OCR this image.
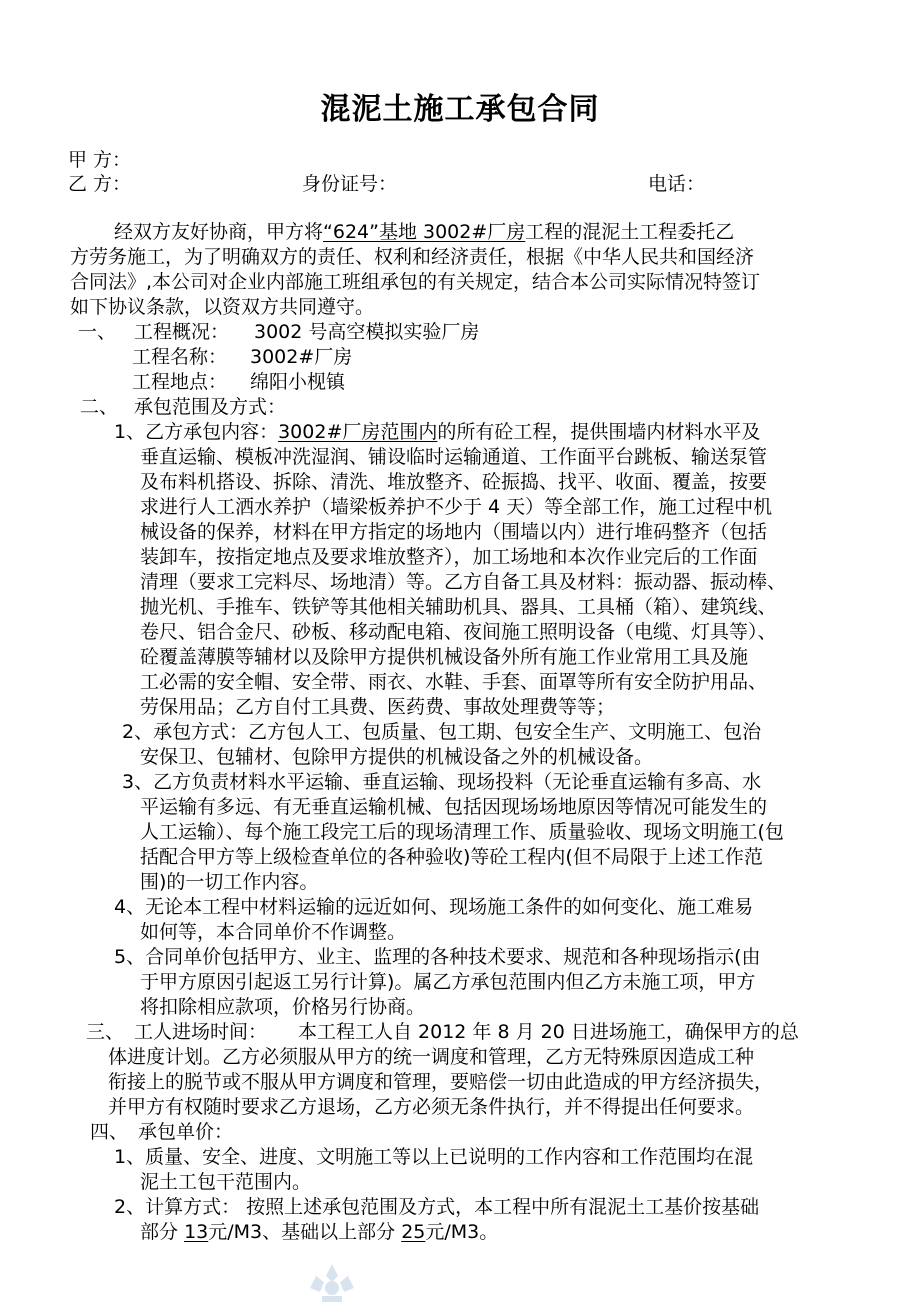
混泥土施工承包合同
甲 方：
乙 方：	身份证号：	电话：
经双方友好协商，甲方将“624”基地 3002#厂房工程的混泥土工程委托乙
方劳务施工，为了明确双方的责任、权利和经济责任，根据《中华人民共和国经济
合同法》,本公司对企业内部施工班组承包的有关规定，结合本公司实际情况特签订
如下协议条款，以资双方共同遵守。
一、 工程概况： 3002 号高空模拟实验厂房
工程名称： 3002#厂房
工程地点： 绵阳小枧镇
二、 承包范围及方式：
1、乙方承包内容：3002#厂房范围内的所有砼工程，提供围墙内材料水平及
垂直运输、模板冲洗湿润、铺设临时运输通道、工作面平台跳板、输送泵管
及布料机搭设、拆除、清洗、堆放整齐、砼振捣、找平、收面、覆盖，按要
求进行人工洒水养护（墙梁板养护不少于 4 天）等全部工作，施工过程中机
械设备的保养，材料在甲方指定的场地内（围墙以内）进行堆码整齐（包括
装卸车，按指定地点及要求堆放整齐），加工场地和本次作业完后的工作面
清理（要求工完料尽、场地清）等。乙方自备工具及材料：振动器、振动棒、
抛光机、手推车、铁铲等其他相关辅助机具、器具、工具桶（箱）、建筑线、
卷尺、铝合金尺、砂板、移动配电箱、夜间施工照明设备（电缆、灯具等）、
砼覆盖薄膜等辅材以及除甲方提供机械设备外所有施工作业常用工具及施
工必需的安全帽、安全带、雨衣、水鞋、手套、面罩等所有安全防护用品、
劳保用品；乙方自付工具费、医药费、事故处理费等等；
2、承包方式：乙方包人工、包质量、包工期、包安全生产、文明施工、包治
安保卫、包辅材、包除甲方提供的机械设备之外的机械设备。
3、乙方负责材料水平运输、垂直运输、现场投料（无论垂直运输有多高、水
平运输有多远、有无垂直运输机械、包括因现场场地原因等情况可能发生的
人工运输）、每个施工段完工后的现场清理工作、质量验收、现场文明施工(包
括配合甲方等上级检查单位的各种验收)等砼工程内(但不局限于上述工作范
围)的一切工作内容。
4、无论本工程中材料运输的远近如何、现场施工条件的如何变化、施工难易
如何等，本合同单价不作调整。
5、合同单价包括甲方、业主、监理的各种技术要求、规范和各种现场指示(由
于甲方原因引起返工另行计算)。属乙方承包范围内但乙方未施工项，甲方
将扣除相应款项，价格另行协商。
三、 工人进场时间： 本工程工人自 2012 年 8 月 20 日进场施工，确保甲方的总
体进度计划。乙方必须服从甲方的统一调度和管理，乙方无特殊原因造成工种
衔接上的脱节或不服从甲方调度和管理，要赔偿一切由此造成的甲方经济损失，
并甲方有权随时要求乙方退场，乙方必须无条件执行，并不得提出任何要求。
四、 承包单价：
1、质量、安全、进度、文明施工等以上已说明的工作内容和工作范围均在混
泥土工包干范围内。
2、计算方式： 按照上述承包范围及方式，本工程中所有混泥土工基价按基础
部分 13元/M3、基础以上部分 25元/M3。
